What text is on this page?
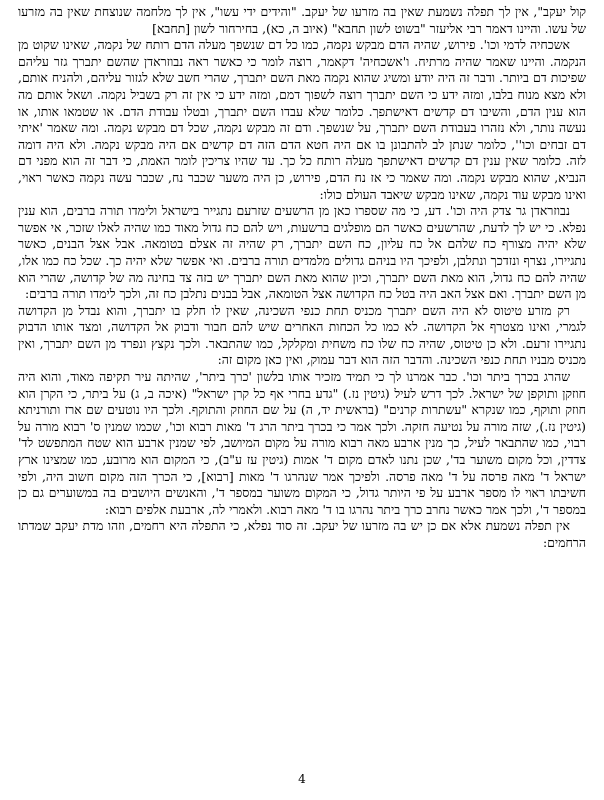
קול יעקב", אין לך תפלה נשמעת שאין בה מזרעו של יעקב. "והידים ידי עשו", אין לך מלחמה שנוצחת שאין בה מזרעו של עשו. והיינו דאמר רבי אליעזר "בשוט לשון תחבא" (איוב ה, כא), בחירחור לשון [תחבא]

אשכחיה לדמי וכו'. פירוש, שהיה הדם מבקש נקמה, כמו כל דם שנשפך מעלה הדם רותח של נקמה, שאינו שקוט מן הנקמה. והיינו שאמר שהיה מרתיח. ו'אשכחיה' דקאמר, רוצה לומר כי כאשר ראה נבוזראדן שהשם יתברך גזר עליהם שפיכות דם ביותר. ודבר זה היה יודע ומשיג שהוא נקמה מאת השם יתברך, שהרי חשב שלא לגזור עליהם, ולהניח אותם, ולא מצא מנוח בלבו, ומזה ידע כי השם יתברך רוצה לשפוך דמם, ומזה ידע כי אין זה רק בשביל נקמה. ושאל אותם מה הוא ענין הדם, והשיבו דם קדשים דאישתפך. כלומר שלא עבדו השם יתברך, ובטלו עבודת הדם. או שטמאו אותו, או נעשה נותר, ולא נזהרו בעבודת השם יתברך, על שנשפך. ודם זה מבקש נקמה, שכל דם מבקש נקמה. ומה שאמר 'איתי דם זבחים וכו'', כלומר שנתן לב להתבונן בו אם היה חטא הדם הזה דם קדשים אם היה מבקש נקמה. ולא היה דומה לזה. כלומר שאין ענין דם קדשים דאישתפך מעלה רותח כל כך. עד שהיו צריכין לומר האמת, כי דבר זה הוא מפני דם הנביא, שהוא מבקש נקמה. ומה שאמר כי אז נח הדם, פירוש, כן היה משער שכבר נח, שכבר עשה נקמה כאשר ראוי, ואינו מבקש עוד נקמה, שאינו מבקש שיאבד העולם כולו:

נבוזראדן גר צדק היה וכו'. דע, כי מה שספרו כאן מן הרשעים שזרעם נתגייר בישראל ולימדו תורה ברבים, הוא ענין נפלא. כי יש לך לדעת, שהרשעים כאשר הם מופלגים ברשעות, ויש להם כח גדול מאוד כמו שהיה לאלו שזכר, אי אפשר שלא יהיה מצורף כח שלהם אל כח עליון, כח השם יתברך, רק שהיה זה אצלם בטומאה. אבל אצל הבנים, כאשר נתגיירו, נצרף ונזדכך ונתלבן, ולפיכך היו בניהם גדולים מלמדים תורה ברבים. ואי אפשר שלא יהיה כך. שכל כח כמו אלו, שהיה להם כח גדול, הוא מאת השם יתברך, וכיון שהוא מאת השם יתברך יש בזה צד בחינה מה של קדושה, שהרי הוא מן השם יתברך. ואם אצל האב היה בטל כח הקדושה אצל הטומאה, אבל בבנים נתלבן כח זה, ולכך לימדו תורה ברבים:

רק מזרע טיטוס לא היה השם יתברך מכניס תחת כנפי השכינה, שאין לו חלק בו יתברך, והוא נבדל מן הקדושה לגמרי, ואינו מצטרף אל הקדושה. לא כמו כל הכחות האחרים שיש להם חבור ודבוק אל הקדושה, ומצד אותו הדבוק נתגיירו זרעם. ולא כן טיטוס, שהיה כח שלו כח משחית ומקלקל, כמו שהתבאר. ולכך נקצץ ונפרד מן השם יתברך, ואין מכניס מבניו תחת כנפי השכינה. והדבר הזה הוא דבר עמוק, ואין כאן מקום זה:

שהרג בכרך ביתר וכו'. כבר אמרנו לך כי תמיד מזכיר אותו בלשון 'כרך ביתר', שהיתה עיר תקיפה מאוד, והוא היה חוזקן ותוקפן של ישראל. לכך דרש לעיל (גיטין נז.) "גדע בחרי אף כל קרן ישראל" (איכה ב, ג) על ביתר, כי הקרן הוא חוזק ותוקף, כמו שנקרא "עשתרות קרנים" (בראשית יד, ה) על שם החוזק והתוקף. ולכך היו נוטעים שם ארז ותורניתא (גיטין נז.), שזה מורה על נטיעה חזקה. ולכך אמר כי בכרך ביתר הרג ד' מאות רבוא וכו', שכמו שמנין ס' רבוא מורה על רבוי, כמו שהתבאר לעיל, כך מנין ארבע מאה רבוא מורה על מקום המיושב, לפי שמנין ארבע הוא שטח המתפשט לד' צדדין, וכל מקום משוער בד', שכן נתנו לאדם מקום ד' אמות (גיטין עז ע"ב), כי המקום הוא מרובע, כמו שמצינו ארץ ישראל ד' מאה פרסה על ד' מאה פרסה. ולפיכך אמר שנהרגו ד' מאות [רבוא], כי הכרך הזה מקום חשוב היה, ולפי חשיבתו ראוי לו מספר ארבע על פי היותר גדול, כי המקום משוער במספר ד', והאנשים היושבים בה במשוערים גם כן במספר ד', ולכך אמר כאשר נחרב כרך ביתר נהרגו בו ד' מאה רבוא. ולאמרי לה, ארבעת אלפים רבוא:

אין תפלה נשמעת אלא אם כן יש בה מזרעו של יעקב. זה סוד נפלא, כי התפלה היא רחמים, וזהו מדת יעקב שמדתו הרחמים:

4
